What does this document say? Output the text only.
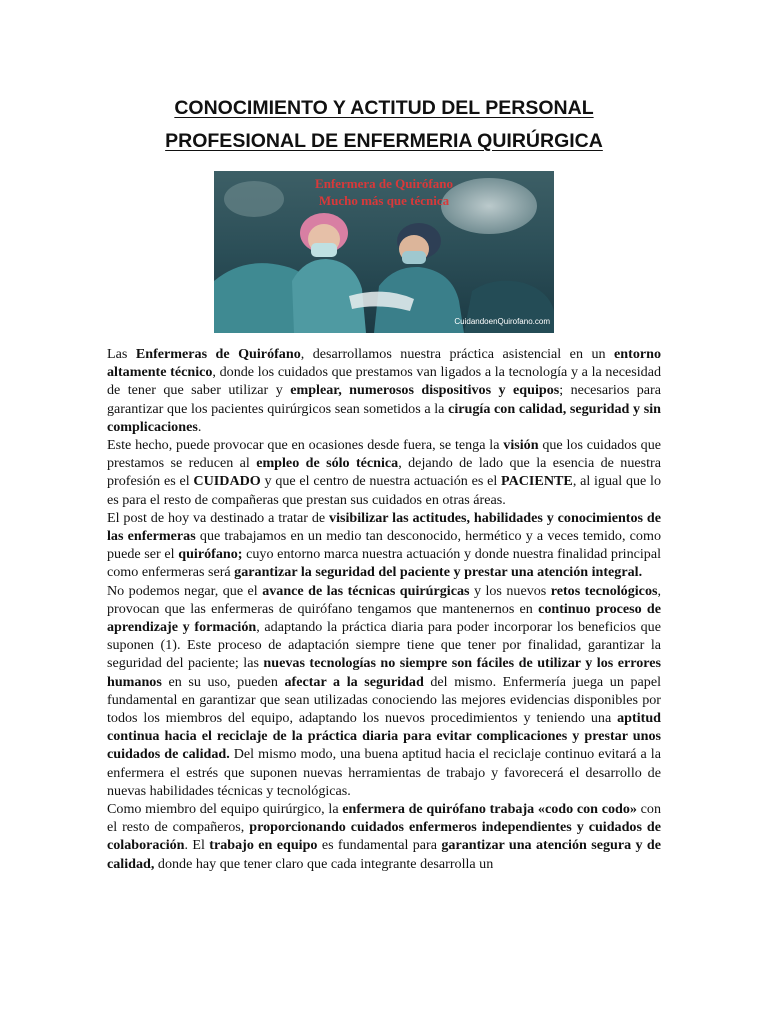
CONOCIMIENTO Y ACTITUD DEL PERSONAL
PROFESIONAL DE ENFERMERIA QUIRÚRGICA
Enfermera de Quirófano
Mucho más que técnica
CuidandoenQuirofano.com

Las Enfermeras de Quirófano, desarrollamos nuestra práctica asistencial en un entorno altamente técnico, donde los cuidados que prestamos van ligados a la tecnología y a la necesidad de tener que saber utilizar y emplear, numerosos dispositivos y equipos; necesarios para garantizar que los pacientes quirúrgicos sean sometidos a la cirugía con calidad, seguridad y sin complicaciones.

Este hecho, puede provocar que en ocasiones desde fuera, se tenga la visión que los cuidados que prestamos se reducen al empleo de sólo técnica, dejando de lado que la esencia de nuestra profesión es el CUIDADO y que el centro de nuestra actuación es el PACIENTE, al igual que lo es para el resto de compañeras que prestan sus cuidados en otras áreas.

El post de hoy va destinado a tratar de visibilizar las actitudes, habilidades y conocimientos de las enfermeras que trabajamos en un medio tan desconocido, hermético y a veces temido, como puede ser el quirófano; cuyo entorno marca nuestra actuación y donde nuestra finalidad principal como enfermeras será garantizar la seguridad del paciente y prestar una atención integral.

No podemos negar, que el avance de las técnicas quirúrgicas y los nuevos retos tecnológicos, provocan que las enfermeras de quirófano tengamos que mantenernos en continuo proceso de aprendizaje y formación, adaptando la práctica diaria para poder incorporar los beneficios que suponen (1). Este proceso de adaptación siempre tiene que tener por finalidad, garantizar la seguridad del paciente; las nuevas tecnologías no siempre son fáciles de utilizar y los errores humanos en su uso, pueden afectar a la seguridad del mismo. Enfermería juega un papel fundamental en garantizar que sean utilizadas conociendo las mejores evidencias disponibles por todos los miembros del equipo, adaptando los nuevos procedimientos y teniendo una aptitud continua hacia el reciclaje de la práctica diaria para evitar complicaciones y prestar unos cuidados de calidad. Del mismo modo, una buena aptitud hacia el reciclaje continuo evitará a la enfermera el estrés que suponen nuevas herramientas de trabajo y favorecerá el desarrollo de nuevas habilidades técnicas y tecnológicas.

Como miembro del equipo quirúrgico, la enfermera de quirófano trabaja «codo con codo» con el resto de compañeros, proporcionando cuidados enfermeros independientes y cuidados de colaboración. El trabajo en equipo es fundamental para garantizar una atención segura y de calidad, donde hay que tener claro que cada integrante desarrolla un
